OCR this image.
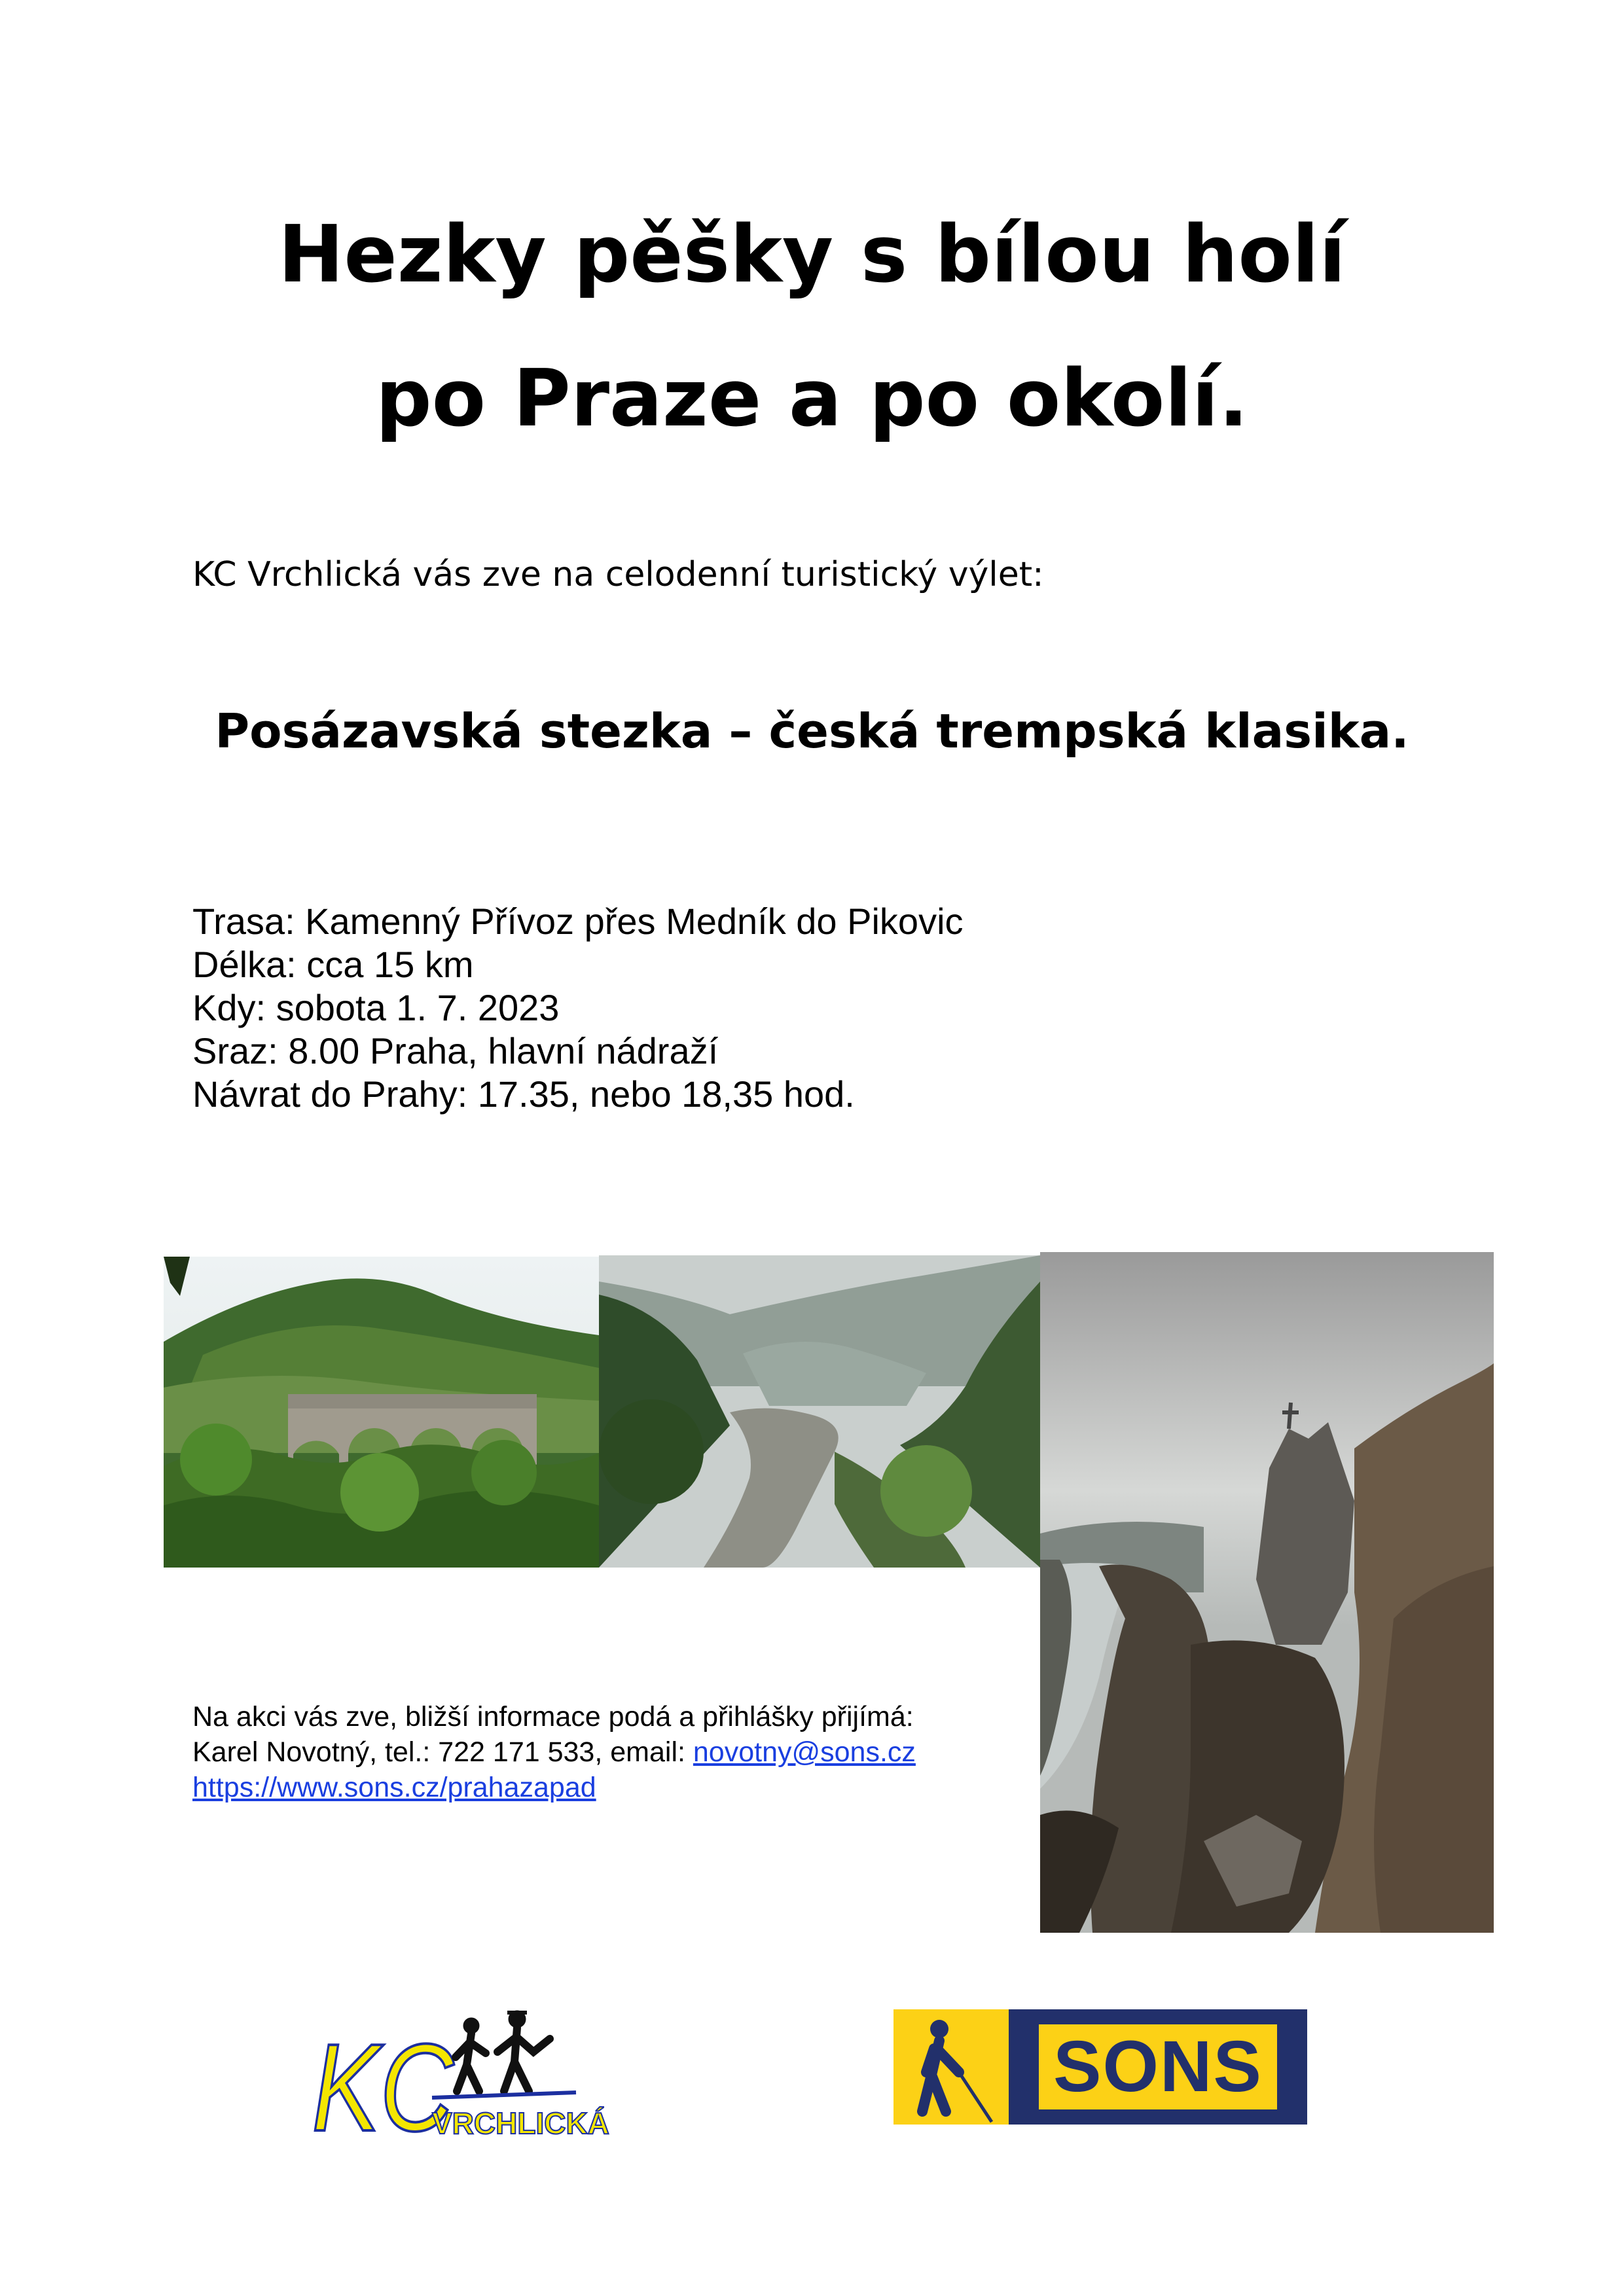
Hezky pěšky s bílou holí
po Praze a po okolí.
KC Vrchlická vás zve na celodenní turistický výlet:
Posázavská stezka – česká trempská klasika.
Trasa: Kamenný Přívoz přes Medník do Pikovic
Délka: cca 15 km
Kdy: sobota 1. 7. 2023
Sraz: 8.00 Praha, hlavní nádraží
Návrat do Prahy: 17.35, nebo 18,35 hod.
Na akci vás zve, bližší informace podá a přihlášky přijímá:
Karel Novotný, tel.: 722 171 533, email: novotny@sons.cz
https://www.sons.cz/prahazapad
KC
VRCHLICKÁ
SONS
